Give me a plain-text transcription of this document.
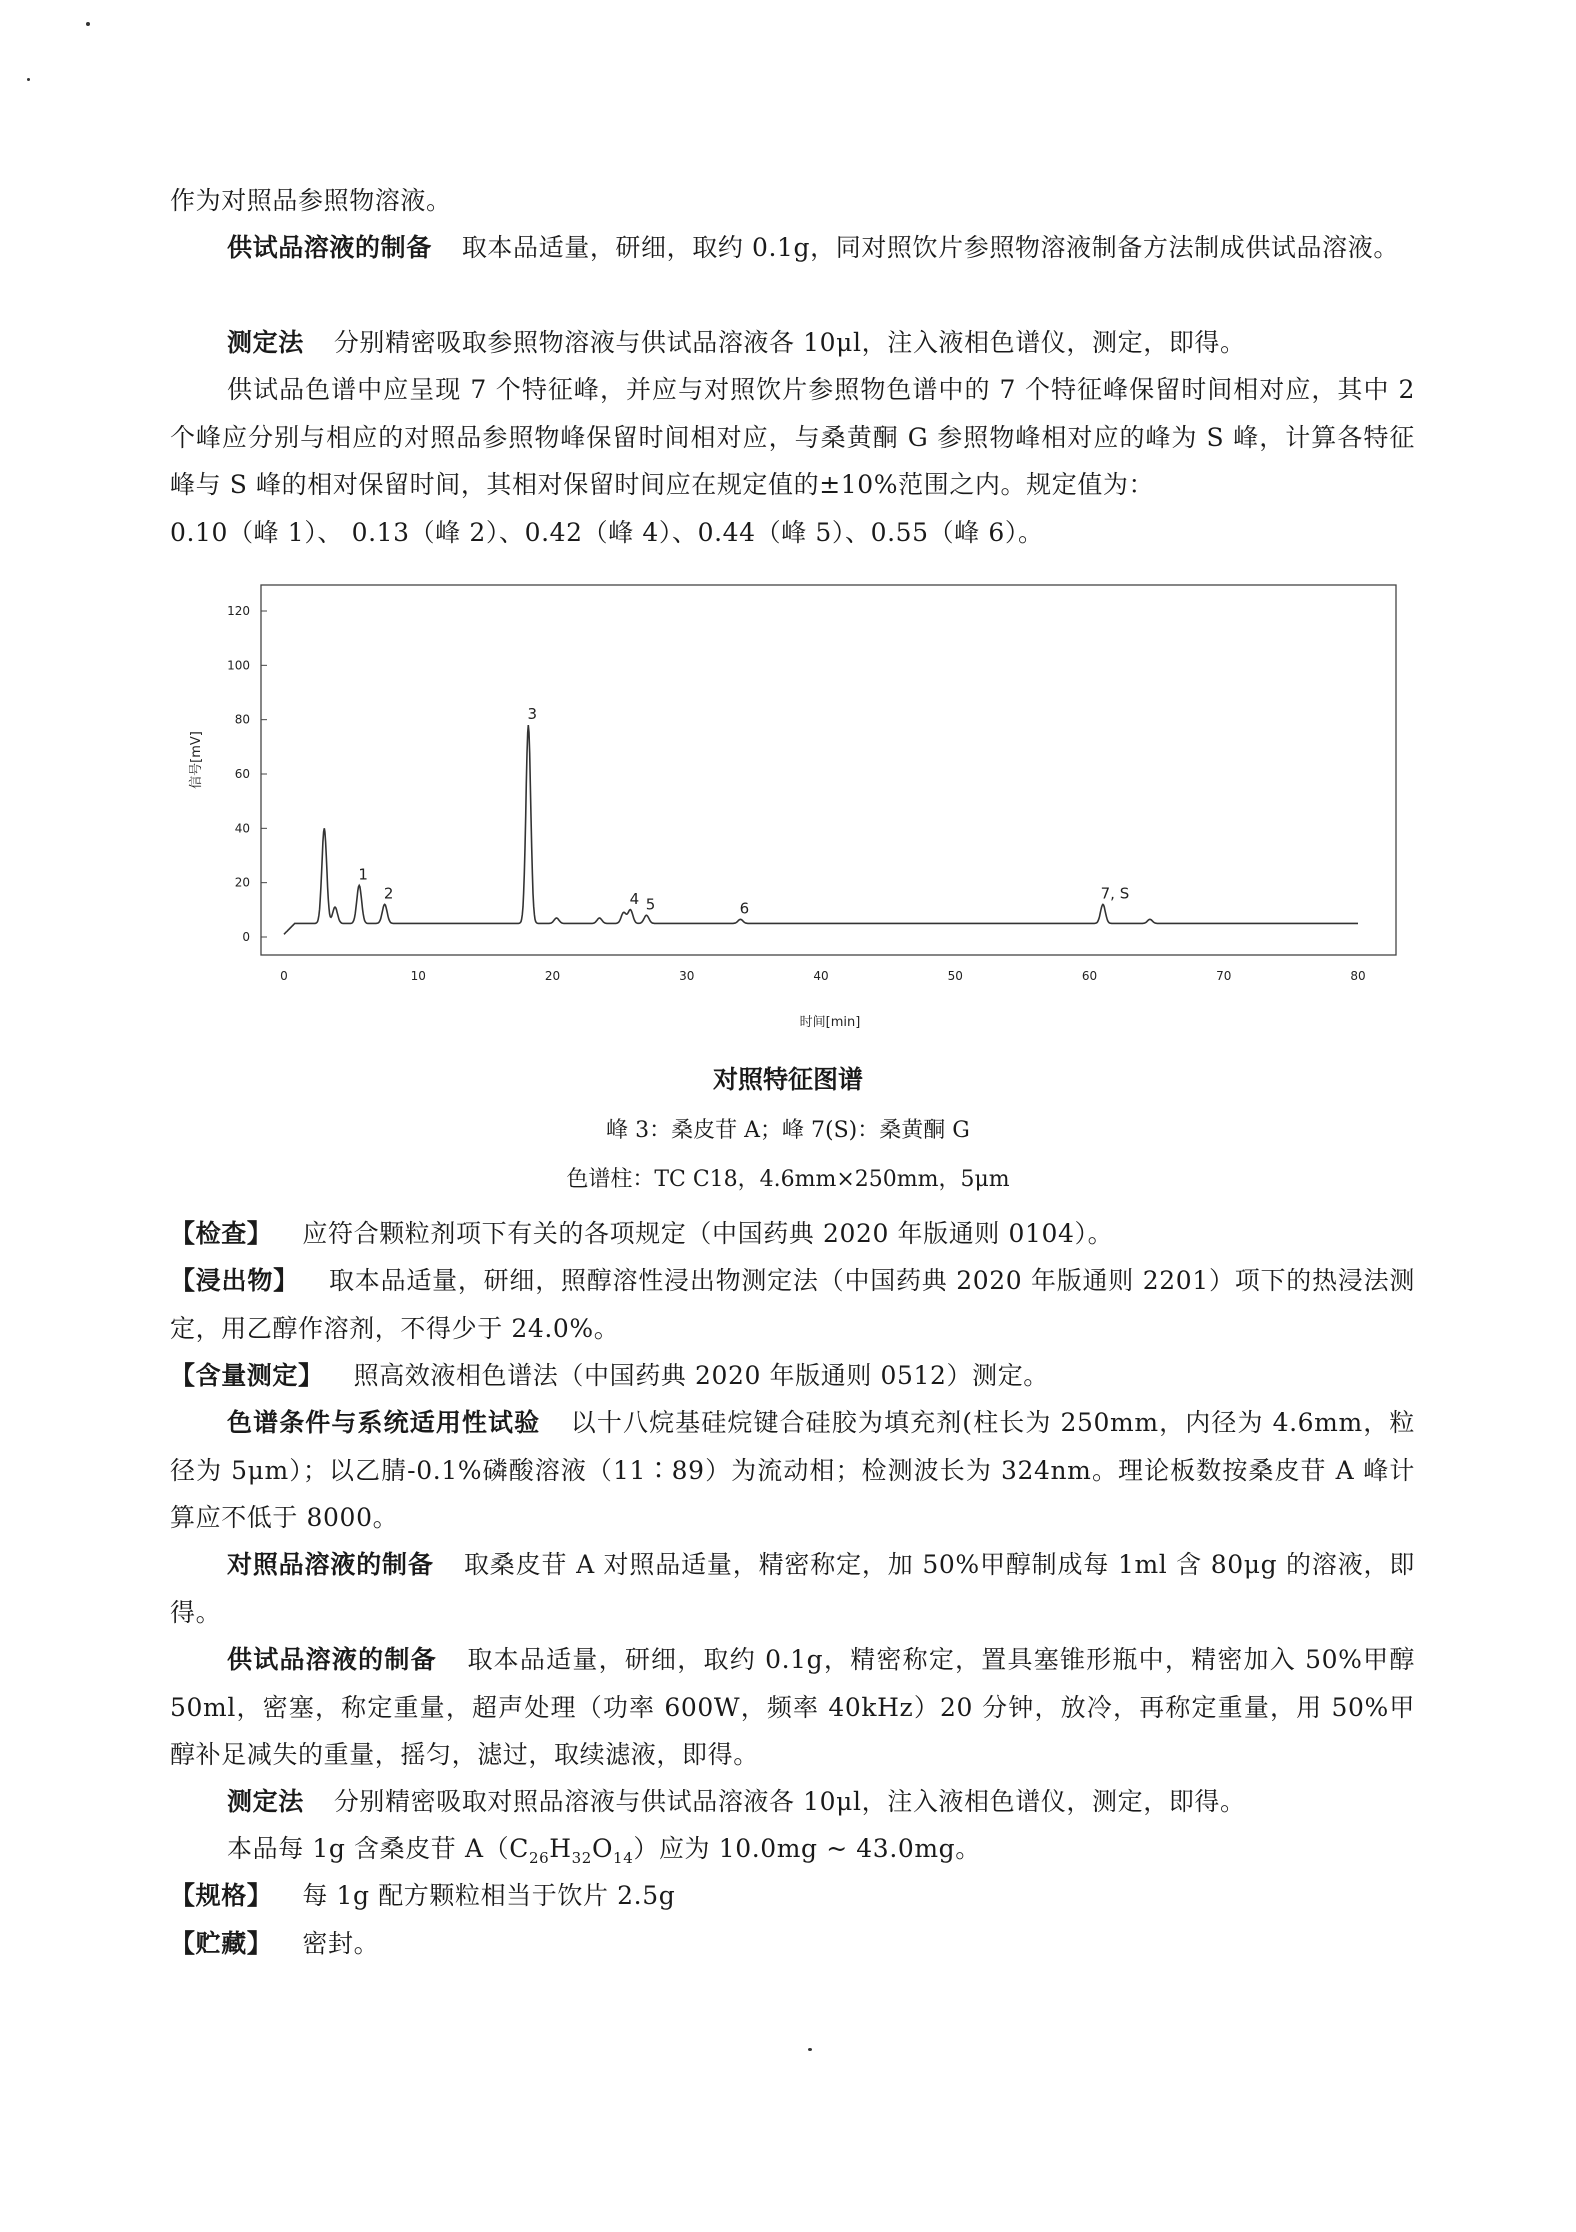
作为对照品参照物溶液。

供试品溶液的制备 取本品适量，研细，取约 0.1g，同对照饮片参照物溶液制备方法制成供试品溶液。

测定法 分别精密吸取参照物溶液与供试品溶液各 10μl，注入液相色谱仪，测定，即得。

供试品色谱中应呈现 7 个特征峰，并应与对照饮片参照物色谱中的 7 个特征峰保留时间相对应，其中 2 个峰应分别与相应的对照品参照物峰保留时间相对应，与桑黄酮 G 参照物峰相对应的峰为 S 峰，计算各特征峰与 S 峰的相对保留时间，其相对保留时间应在规定值的±10%范围之内。规定值为：
0.10（峰 1）、 0.13（峰 2）、0.42（峰 4）、0.44（峰 5）、0.55（峰 6）。

0
20
40
60
80
100
120
0	10	20	30	40	50	60	70	80
1
2
3
4 5	6
7, S
信号[mV]
时间[min]

对照特征图谱

峰 3：桑皮苷 A；峰 7(S)：桑黄酮 G

色谱柱：TC C18，4.6mm×250mm，5μm

【检查】 应符合颗粒剂项下有关的各项规定（中国药典 2020 年版通则 0104）。

【浸出物】 取本品适量，研细，照醇溶性浸出物测定法（中国药典 2020 年版通则 2201）项下的热浸法测定，用乙醇作溶剂，不得少于 24.0%。

【含量测定】 照高效液相色谱法（中国药典 2020 年版通则 0512）测定。

色谱条件与系统适用性试验 以十八烷基硅烷键合硅胶为填充剂(柱长为 250mm，内径为 4.6mm，粒径为 5μm）；以乙腈-0.1%磷酸溶液（11∶89）为流动相；检测波长为 324nm。理论板数按桑皮苷 A 峰计算应不低于 8000。

对照品溶液的制备 取桑皮苷 A 对照品适量，精密称定，加 50%甲醇制成每 1ml 含 80μg 的溶液，即得。

供试品溶液的制备 取本品适量，研细，取约 0.1g，精密称定，置具塞锥形瓶中，精密加入 50%甲醇 50ml，密塞，称定重量，超声处理（功率 600W，频率 40kHz）20 分钟，放冷，再称定重量，用 50%甲醇补足减失的重量，摇匀，滤过，取续滤液，即得。

测定法 分别精密吸取对照品溶液与供试品溶液各 10μl，注入液相色谱仪，测定，即得。

本品每 1g 含桑皮苷 $A(C_{26}H_{32}O_{14})$应为 10.0mg ~ 43.0mg。

【规格】 每 1g 配方颗粒相当于饮片 2.5g

【贮藏】 密封。
